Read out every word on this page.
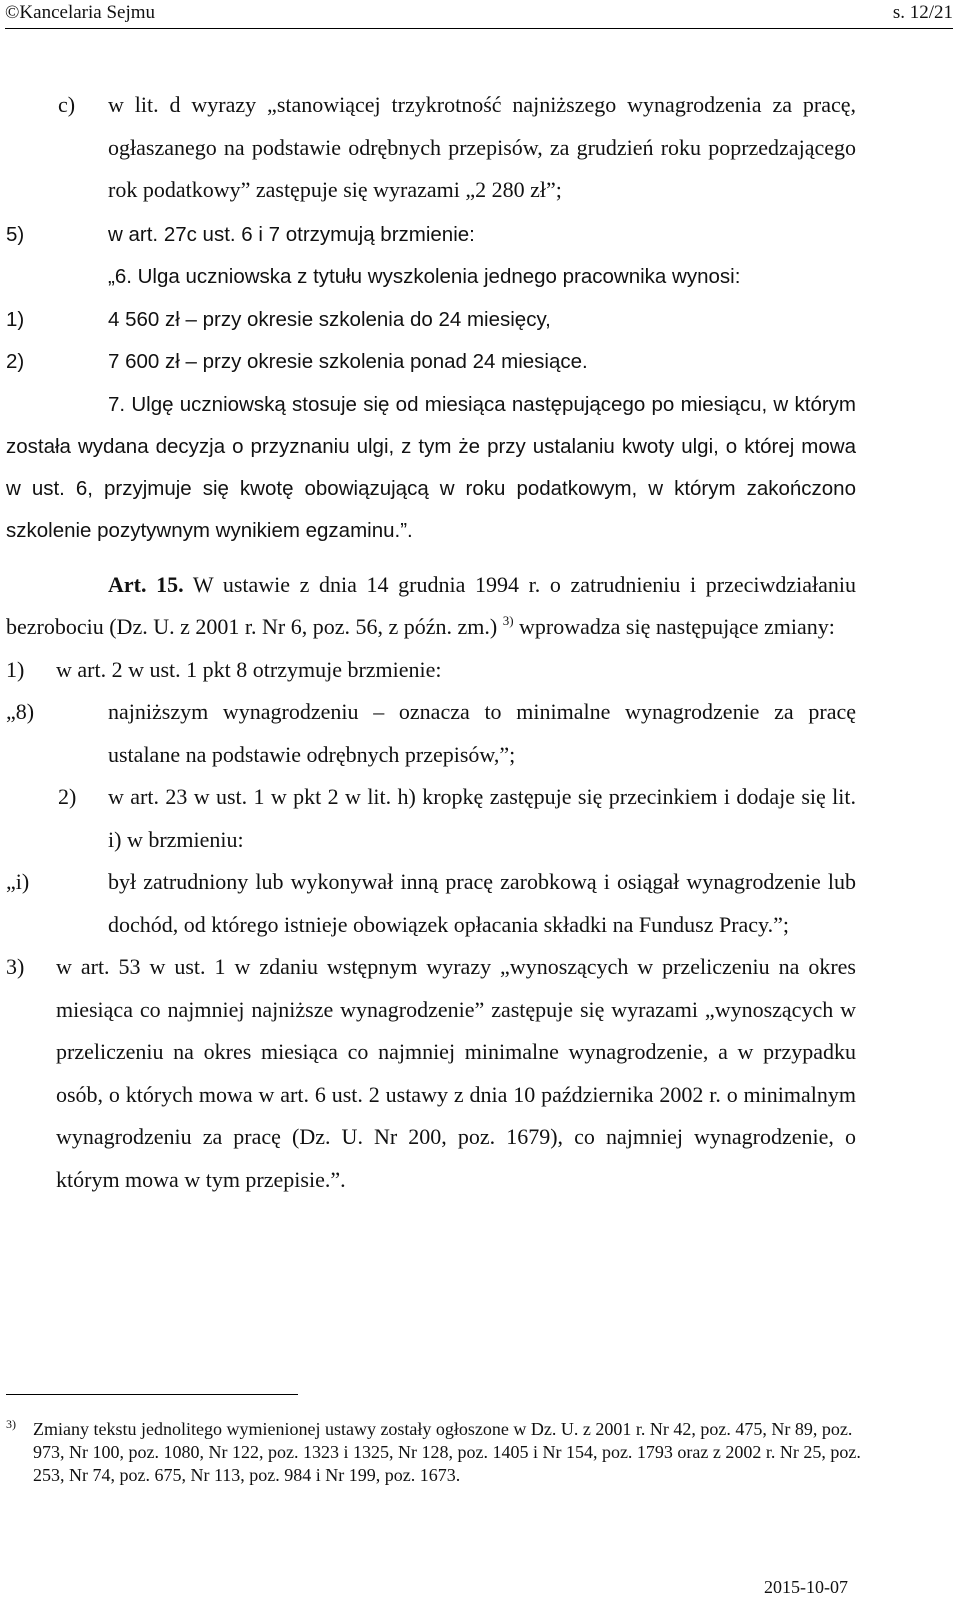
©Kancelaria Sejmu	s. 12/21

c) w lit. d wyrazy „stanowiącej trzykrotność najniższego wynagrodzenia za pracę, ogłaszanego na podstawie odrębnych przepisów, za grudzień roku poprzedzającego rok podatkowy” zastępuje się wyrazami „2 280 zł”;

5)	w art. 27c ust. 6 i 7 otrzymują brzmienie:

„6. Ulga uczniowska z tytułu wyszkolenia jednego pracownika wynosi:

1)	4 560 zł – przy okresie szkolenia do 24 miesięcy,

2)	7 600 zł – przy okresie szkolenia ponad 24 miesiące.

7. Ulgę uczniowską stosuje się od miesiąca następującego po miesiącu, w którym została wydana decyzja o przyznaniu ulgi, z tym że przy ustalaniu kwoty ulgi, o której mowa w ust. 6, przyjmuje się kwotę obowiązującą w roku podatkowym, w którym zakończono szkolenie pozytywnym wynikiem egzaminu.”.

Art. 15. W ustawie z dnia 14 grudnia 1994 r. o zatrudnieniu i przeciwdziałaniu bezrobociu (Dz. U. z 2001 r. Nr 6, poz. 56, z późn. zm.) $^{3)}$ wprowadza się następujące zmiany:

1) w art. 2 w ust. 1 pkt 8 otrzymuje brzmienie:

„8)	najniższym wynagrodzeniu – oznacza to minimalne wynagrodzenie za pracę ustalane na podstawie odrębnych przepisów,”;

2) w art. 23 w ust. 1 w pkt 2 w lit. h) kropkę zastępuje się przecinkiem i dodaje się lit. i) w brzmieniu:

„i)	był zatrudniony lub wykonywał inną pracę zarobkową i osiągał wynagrodzenie lub dochód, od którego istnieje obowiązek opłacania składki na Fundusz Pracy.”;

3) w art. 53 w ust. 1 w zdaniu wstępnym wyrazy „wynoszących w przeliczeniu na okres miesiąca co najmniej najniższe wynagrodzenie” zastępuje się wyrazami „wynoszących w przeliczeniu na okres miesiąca co najmniej minimalne wynagrodzenie, a w przypadku osób, o których mowa w art. 6 ust. 2 ustawy z dnia 10 października 2002 r. o minimalnym wynagrodzeniu za pracę (Dz. U. Nr 200, poz. 1679), co najmniej wynagrodzenie, o którym mowa w tym przepisie.”.

3) Zmiany tekstu jednolitego wymienionej ustawy zostały ogłoszone w Dz. U. z 2001 r. Nr 42, poz. 475, Nr 89, poz. 973, Nr 100, poz. 1080, Nr 122, poz. 1323 i 1325, Nr 128, poz. 1405 i Nr 154, poz. 1793 oraz z 2002 r. Nr 25, poz. 253, Nr 74, poz. 675, Nr 113, poz. 984 i Nr 199, poz. 1673.
2015-10-07
